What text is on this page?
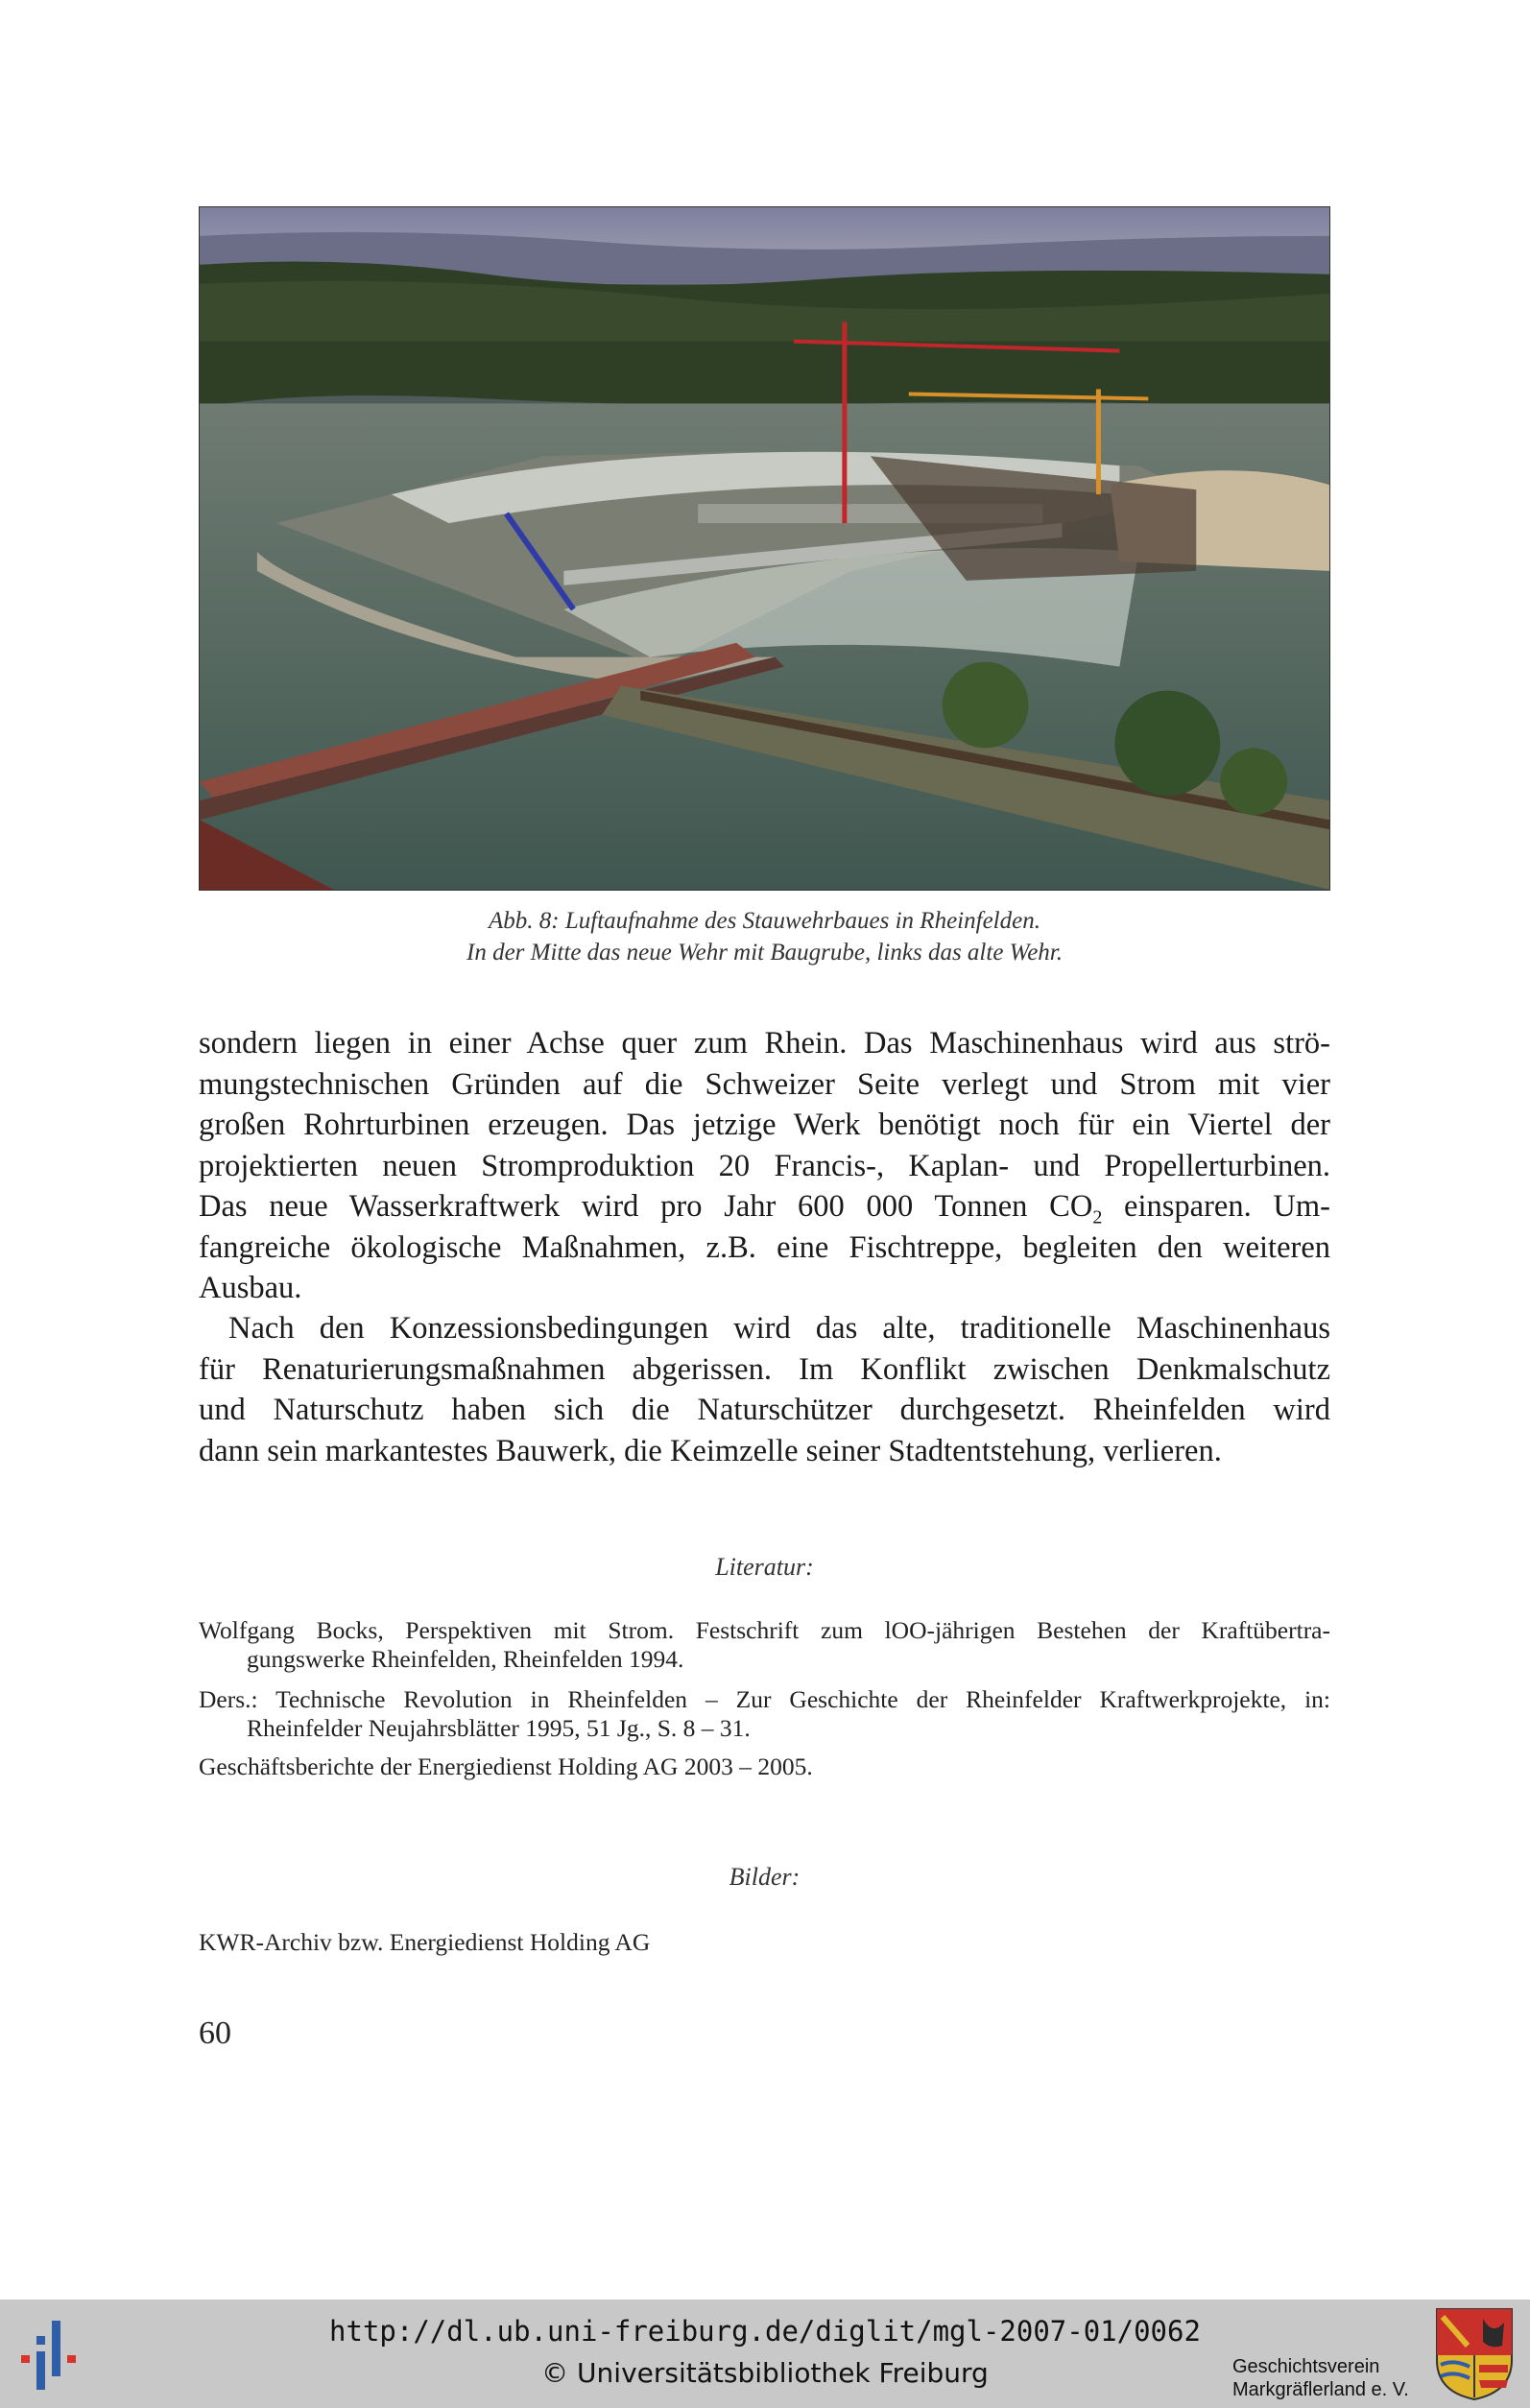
Abb. 8: Luftaufnahme des Stauwehrbaues in Rheinfelden.
In der Mitte das neue Wehr mit Baugrube, links das alte Wehr.

sondern liegen in einer Achse quer zum Rhein. Das Maschinenhaus wird aus strö-
mungstechnischen Gründen auf die Schweizer Seite verlegt und Strom mit vier
großen Rohrturbinen erzeugen. Das jetzige Werk benötigt noch für ein Viertel der
projektierten neuen Stromproduktion 20 Francis-, Kaplan- und Propellerturbinen.
Das neue Wasserkraftwerk wird pro Jahr 600 000 Tonnen $CO_2$ einsparen. Um-
fangreiche ökologische Maßnahmen, z.B. eine Fischtreppe, begleiten den weiteren
Ausbau.

Nach den Konzessionsbedingungen wird das alte, traditionelle Maschinenhaus
für Renaturierungsmaßnahmen abgerissen. Im Konflikt zwischen Denkmalschutz
und Naturschutz haben sich die Naturschützer durchgesetzt. Rheinfelden wird
dann sein markantestes Bauwerk, die Keimzelle seiner Stadtentstehung, verlieren.

Literatur:
Wolfgang Bocks, Perspektiven mit Strom. Festschrift zum lOO-jährigen Bestehen der Kraftübertra-
gungswerke Rheinfelden, Rheinfelden 1994.
Ders.: Technische Revolution in Rheinfelden – Zur Geschichte der Rheinfelder Kraftwerkprojekte, in:
Rheinfelder Neujahrsblätter 1995, 51 Jg., S. 8 – 31.
Geschäftsberichte der Energiedienst Holding AG 2003 – 2005.
Bilder:
KWR-Archiv bzw. Energiedienst Holding AG
60
http://dl.ub.uni-freiburg.de/diglit/mgl-2007-01/0062
© Universitätsbibliothek Freiburg	Geschichtsverein
Markgräflerland e. V.
